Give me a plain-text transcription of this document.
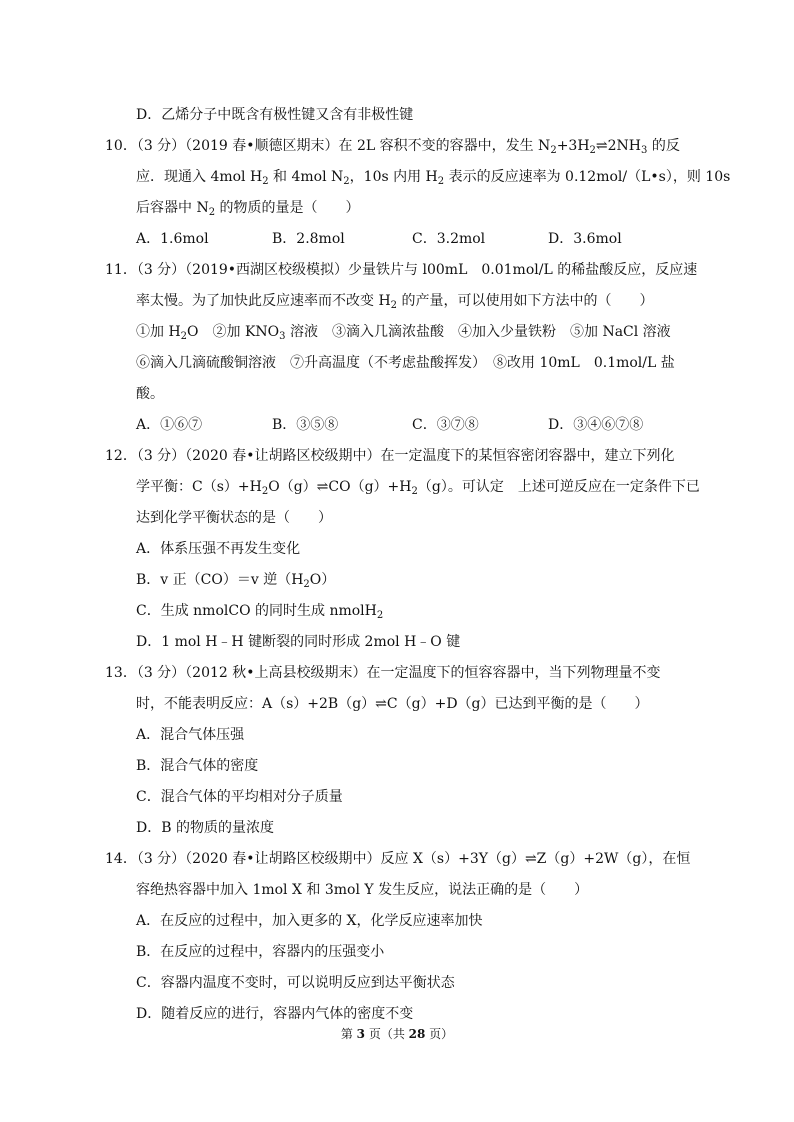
D．乙烯分子中既含有极性键又含有非极性键
10．（3 分）（2019 春•顺德区期末）在 2L 容积不变的容器中，发生 $N_2+3H_2\rightleftharpoons 2NH_3$ 的反
应．现通入 4mol $H_2$ 和 4mol $N_2$，10s 内用 $H_2$ 表示的反应速率为 0.12mol/（L•s），则 10s
后容器中 $N_2$ 的物质的量是（　　）
A．1.6mol	B．2.8mol	C．3.2mol	D．3.6mol
11．（3 分）（2019•西湖区校级模拟）少量铁片与 l00mL　0.01mol/L 的稀盐酸反应，反应速
率太慢。为了加快此反应速率而不改变 $H_2$ 的产量，可以使用如下方法中的（　　）
①加 $H_2O$　②加 $KNO_3$ 溶液　③滴入几滴浓盐酸　④加入少量铁粉　⑤加 NaCl 溶液
⑥滴入几滴硫酸铜溶液　⑦升高温度（不考虑盐酸挥发）　⑧改用 10mL　0.1mol/L 盐
酸。
A．①⑥⑦	B．③⑤⑧	C．③⑦⑧	D．③④⑥⑦⑧
12．（3 分）（2020 春•让胡路区校级期中）在一定温度下的某恒容密闭容器中，建立下列化
学平衡：$C(s)+H_2O(g)\rightleftharpoons CO(g)+H_2(g)$。可认定　上述可逆反应在一定条件下已
达到化学平衡状态的是（　　）
A．体系压强不再发生变化
B．v 正（CO）＝v 逆$(H_2O)$
C．生成 nmolCO 的同时生成 nmolH$_2$
D．1 mol H﹣H 键断裂的同时形成 2mol H﹣O 键
13．（3 分）（2012 秋•上高县校级期末）在一定温度下的恒容容器中，当下列物理量不变
时，不能表明反应：A（s）+2B（g）⇌C（g）+D（g）已达到平衡的是（　　）
A．混合气体压强
B．混合气体的密度
C．混合气体的平均相对分子质量
D．B 的物质的量浓度
14．（3 分）（2020 春•让胡路区校级期中）反应 X（s）+3Y（g）⇌Z（g）+2W（g），在恒
容绝热容器中加入 1mol X 和 3mol Y 发生反应，说法正确的是（　　）
A．在反应的过程中，加入更多的 X，化学反应速率加快
B．在反应的过程中，容器内的压强变小
C．容器内温度不变时，可以说明反应到达平衡状态
D．随着反应的进行，容器内气体的密度不变
第 3 页（共 28 页）
